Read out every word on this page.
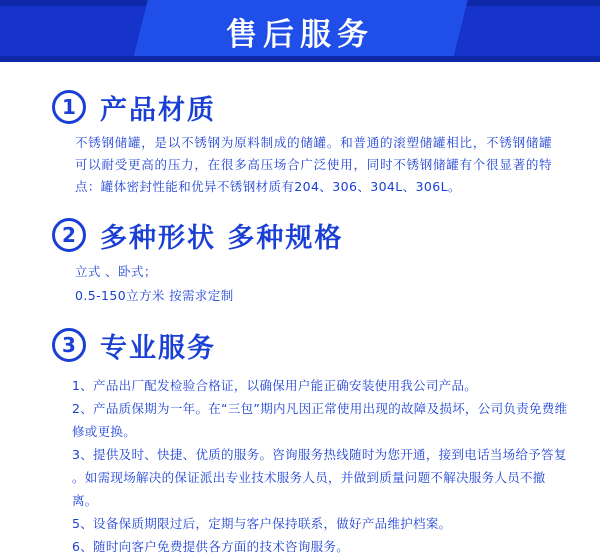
售后服务
1 产品材质

不锈钢储罐，是以不锈钢为原料制成的储罐。和普通的滚塑储罐相比，不锈钢储罐可以耐受更高的压力，在很多高压场合广泛使用，同时不锈钢储罐有个很显著的特点：罐体密封性能和优异不锈钢材质有204、306、304L、306L。

2 多种形状 多种规格

立式 、卧式；

0.5-150立方米 按需求定制

3 专业服务
1、产品出厂配发检验合格证，以确保用户能正确安装使用我公司产品。
2、产品质保期为一年。在“三包”期内凡因正常使用出现的故障及损坏，公司负责免费维修或更换。
3、提供及时、快捷、优质的服务。咨询服务热线随时为您开通，接到电话当场给予答复
。如需现场解决的保证派出专业技术服务人员，并做到质量问题不解决服务人员不撤离。
5、设备保质期限过后，定期与客户保持联系，做好产品维护档案。
6、随时向客户免费提供各方面的技术咨询服务。
